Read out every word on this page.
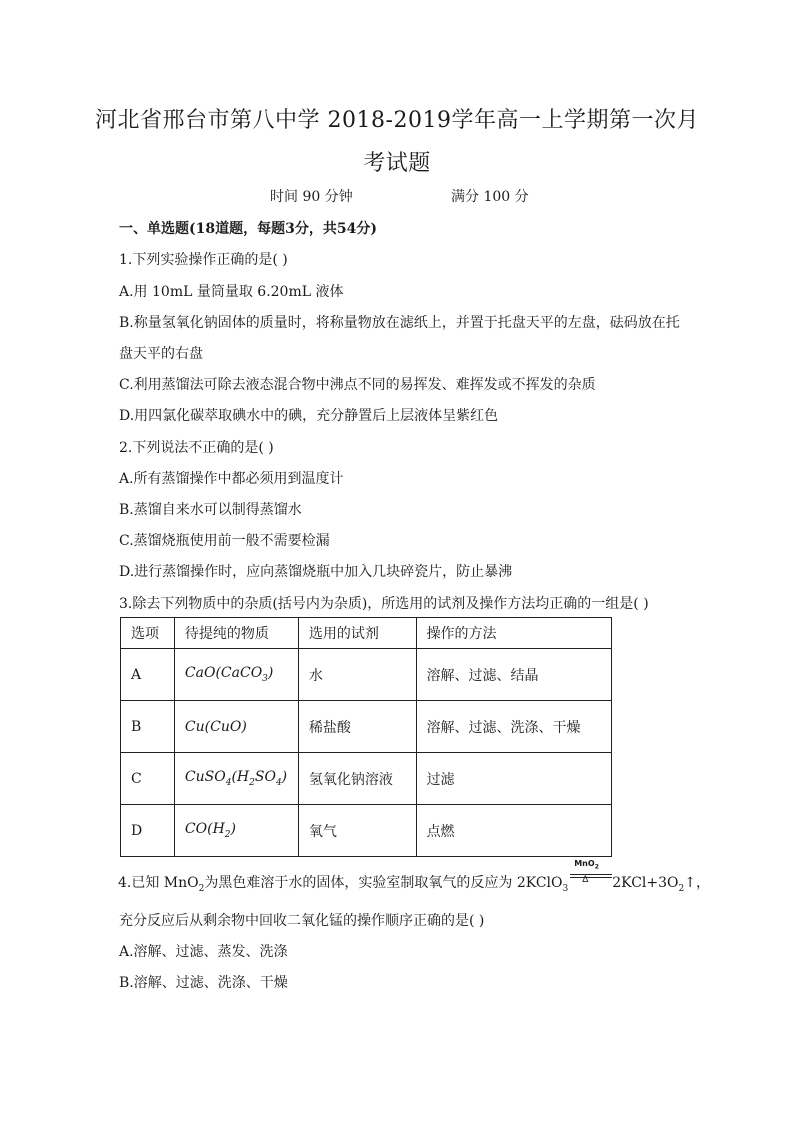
河北省邢台市第八中学 2018-2019学年高一上学期第一次月
考试题
时间 90 分钟	满分 100 分
一、单选题(18道题，每题3分，共54分)
1.下列实验操作正确的是( )
A.用 10mL 量筒量取 6.20mL 液体
B.称量氢氧化钠固体的质量时，将称量物放在滤纸上，并置于托盘天平的左盘，砝码放在托
盘天平的右盘
C.利用蒸馏法可除去液态混合物中沸点不同的易挥发、难挥发或不挥发的杂质
D.用四氯化碳萃取碘水中的碘，充分静置后上层液体呈紫红色
2.下列说法不正确的是( )
A.所有蒸馏操作中都必须用到温度计
B.蒸馏自来水可以制得蒸馏水
C.蒸馏烧瓶使用前一般不需要检漏
D.进行蒸馏操作时，应向蒸馏烧瓶中加入几块碎瓷片，防止暴沸
3.除去下列物质中的杂质(括号内为杂质)，所选用的试剂及操作方法均正确的一组是( )
选项	待提纯的物质	选用的试剂	操作的方法
A	CaO(CaCO$_3$)	水	溶解、过滤、结晶
B	Cu(CuO)	稀盐酸	溶解、过滤、洗涤、干燥
C	$CuSO_4(H_2SO_4)$	氢氧化钠溶液	过滤
D	$CO(H_2)$	氧气	点燃
4.已知 MnO$_2$为黑色难溶于水的固体，实验室制取氧气的反应为 2KClO$_3$
MnO$_2$
Δ $2KCl+3O_2↑$，
充分反应后从剩余物中回收二氧化锰的操作顺序正确的是( )
A.溶解、过滤、蒸发、洗涤
B.溶解、过滤、洗涤、干燥
